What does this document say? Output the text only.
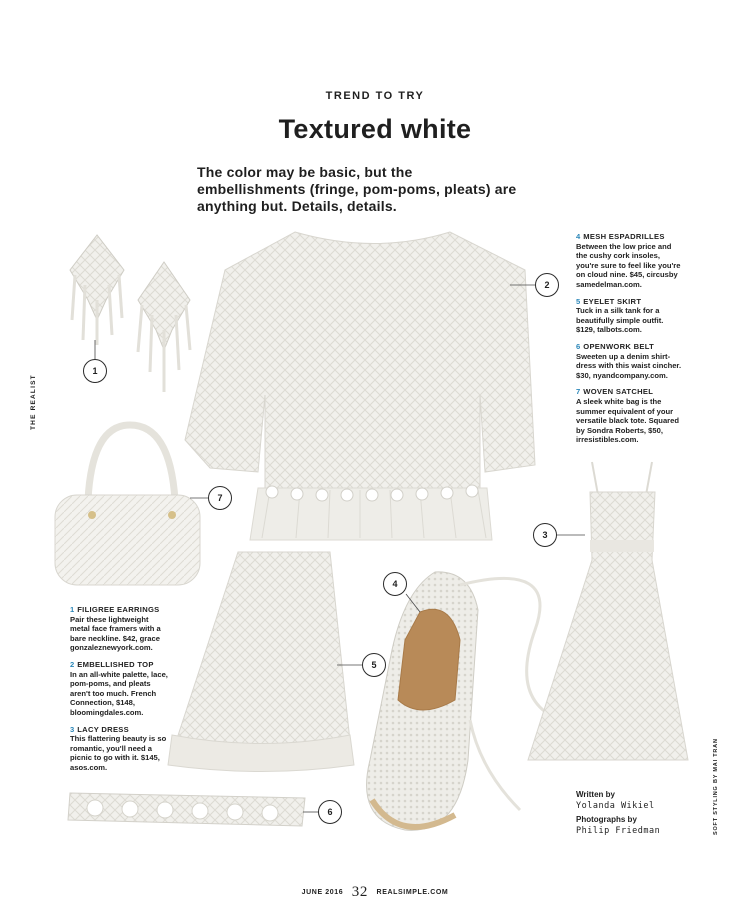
1
2
3
4
5
6
7
TREND TO TRY
Textured white
The color may be basic, but the embellishments (fringe, pom-poms, pleats) are anything but. Details, details.
THE REALIST
SOFT STYLING BY MAI TRAN
4 MESH ESPADRILLES
Between the low price and the cushy cork insoles, you're sure to feel like you're on cloud nine. $45, circusby samedelman.com.
5 EYELET SKIRT
Tuck in a silk tank for a beautifully simple outfit. $129, talbots.com.
6 OPENWORK BELT
Sweeten up a denim shirt-dress with this waist cincher. $30, nyandcompany.com.
7 WOVEN SATCHEL
A sleek white bag is the summer equivalent of your versatile black tote. Squared by Sondra Roberts, $50, irresistibles.com.
1 FILIGREE EARRINGS
Pair these lightweight metal face framers with a bare neckline. $42, grace gonzaleznewyork.com.
2 EMBELLISHED TOP
In an all-white palette, lace, pom-poms, and pleats aren't too much. French Connection, $148, bloomingdales.com.
3 LACY DRESS
This flattering beauty is so romantic, you'll need a picnic to go with it. $145, asos.com.
Written by
Yolanda Wikiel
Photographs by
Philip Friedman
JUNE 2016 32 REALSIMPLE.COM
